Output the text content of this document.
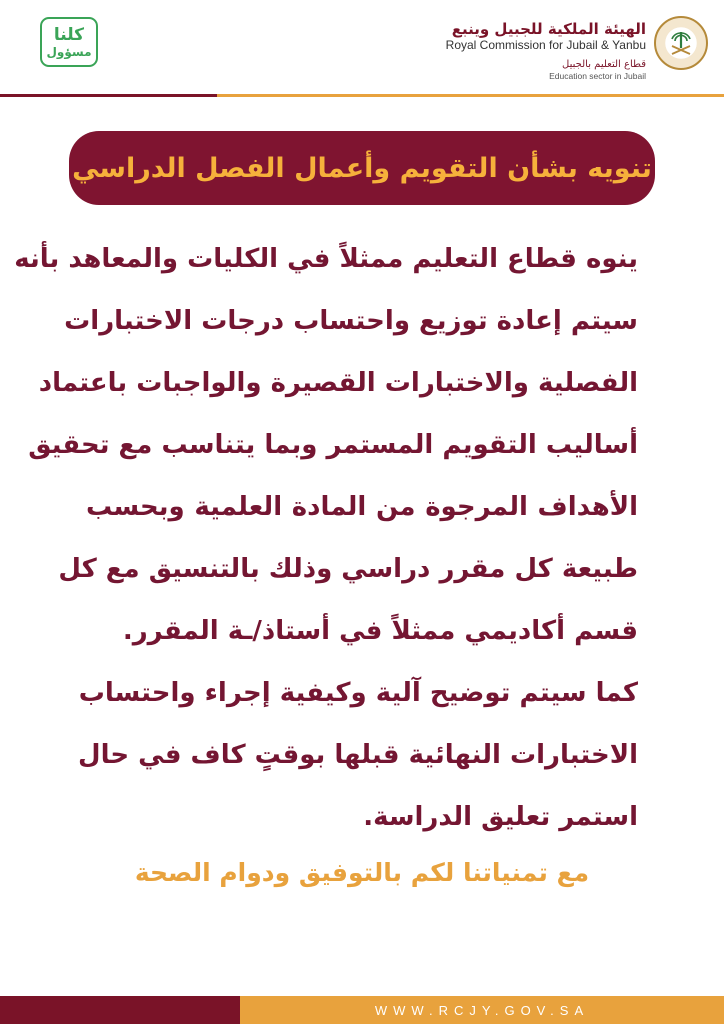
كلنا
مسؤول
الهيئة الملكية للجبيل وينبع
Royal Commission for Jubail & Yanbu
قطاع التعليم بالجبيل
Education sector in Jubail
تنويه بشأن التقويم وأعمال الفصل الدراسي
ينوه قطاع التعليم ممثلاً في الكليات والمعاهد بأنه
سيتم إعادة توزيع واحتساب درجات الاختبارات
الفصلية والاختبارات القصيرة والواجبات باعتماد
أساليب التقويم المستمر وبما يتناسب مع تحقيق
الأهداف المرجوة من المادة العلمية وبحسب
طبيعة كل مقرر دراسي وذلك بالتنسيق مع كل
قسم أكاديمي ممثلاً في أستاذ/ـة المقرر.
كما سيتم توضيح آلية وكيفية إجراء واحتساب
الاختبارات النهائية قبلها بوقتٍ كاف في حال
استمر تعليق الدراسة.
مع تمنياتنا لكم بالتوفيق ودوام الصحة
WWW.RCJY.GOV.SA
